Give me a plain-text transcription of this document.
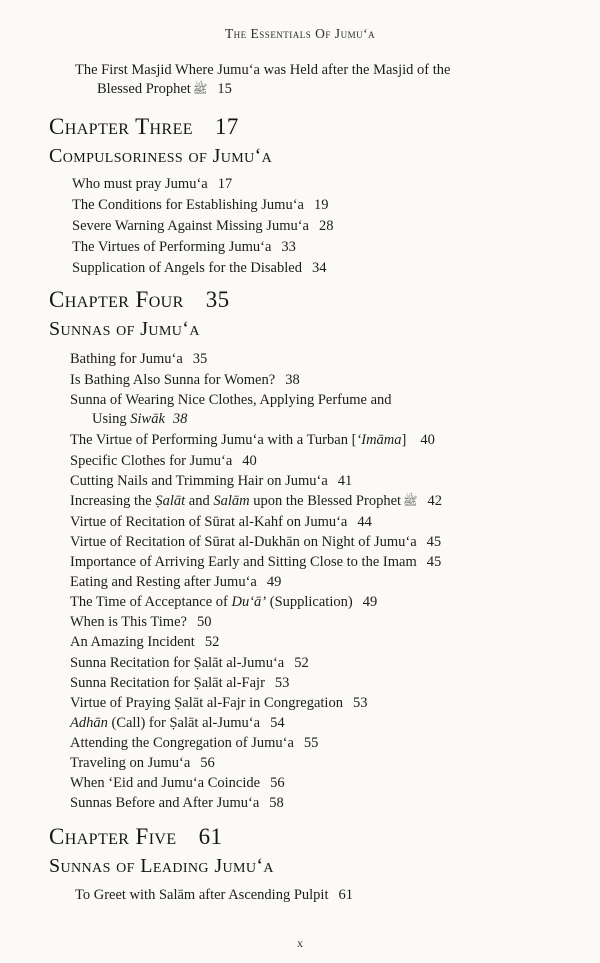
The Essentials Of Jumu‘a
The First Masjid Where Jumu‘a was Held after the Masjid of the
Blessed Prophet ﷺ 15
Chapter Three 17
Compulsoriness of Jumu‘a
Who must pray Jumu‘a 17
The Conditions for Establishing Jumu‘a 19
Severe Warning Against Missing Jumu‘a 28
The Virtues of Performing Jumu‘a 33
Supplication of Angels for the Disabled 34
Chapter Four 35
Sunnas of Jumu‘a
Bathing for Jumu‘a 35
Is Bathing Also Sunna for Women? 38
Sunna of Wearing Nice Clothes, Applying Perfume and
Using Siwāk 38
The Virtue of Performing Jumu‘a with a Turban [‘Imāma] 40
Specific Clothes for Jumu‘a 40
Cutting Nails and Trimming Hair on Jumu‘a 41
Increasing the Ṣalāt and Salām upon the Blessed Prophet ﷺ 42
Virtue of Recitation of Sūrat al-Kahf on Jumu‘a 44
Virtue of Recitation of Sūrat al-Dukhān on Night of Jumu‘a 45
Importance of Arriving Early and Sitting Close to the Imam 45
Eating and Resting after Jumu‘a 49
The Time of Acceptance of Du‘ā’ (Supplication) 49
When is This Time? 50
An Amazing Incident 52
Sunna Recitation for Ṣalāt al-Jumu‘a 52
Sunna Recitation for Ṣalāt al-Fajr 53
Virtue of Praying Ṣalāt al-Fajr in Congregation 53
Adhān (Call) for Ṣalāt al-Jumu‘a 54
Attending the Congregation of Jumu‘a 55
Traveling on Jumu‘a 56
When ‘Eid and Jumu‘a Coincide 56
Sunnas Before and After Jumu‘a 58
Chapter Five 61
Sunnas of Leading Jumu‘a
To Greet with Salām after Ascending Pulpit 61
x
